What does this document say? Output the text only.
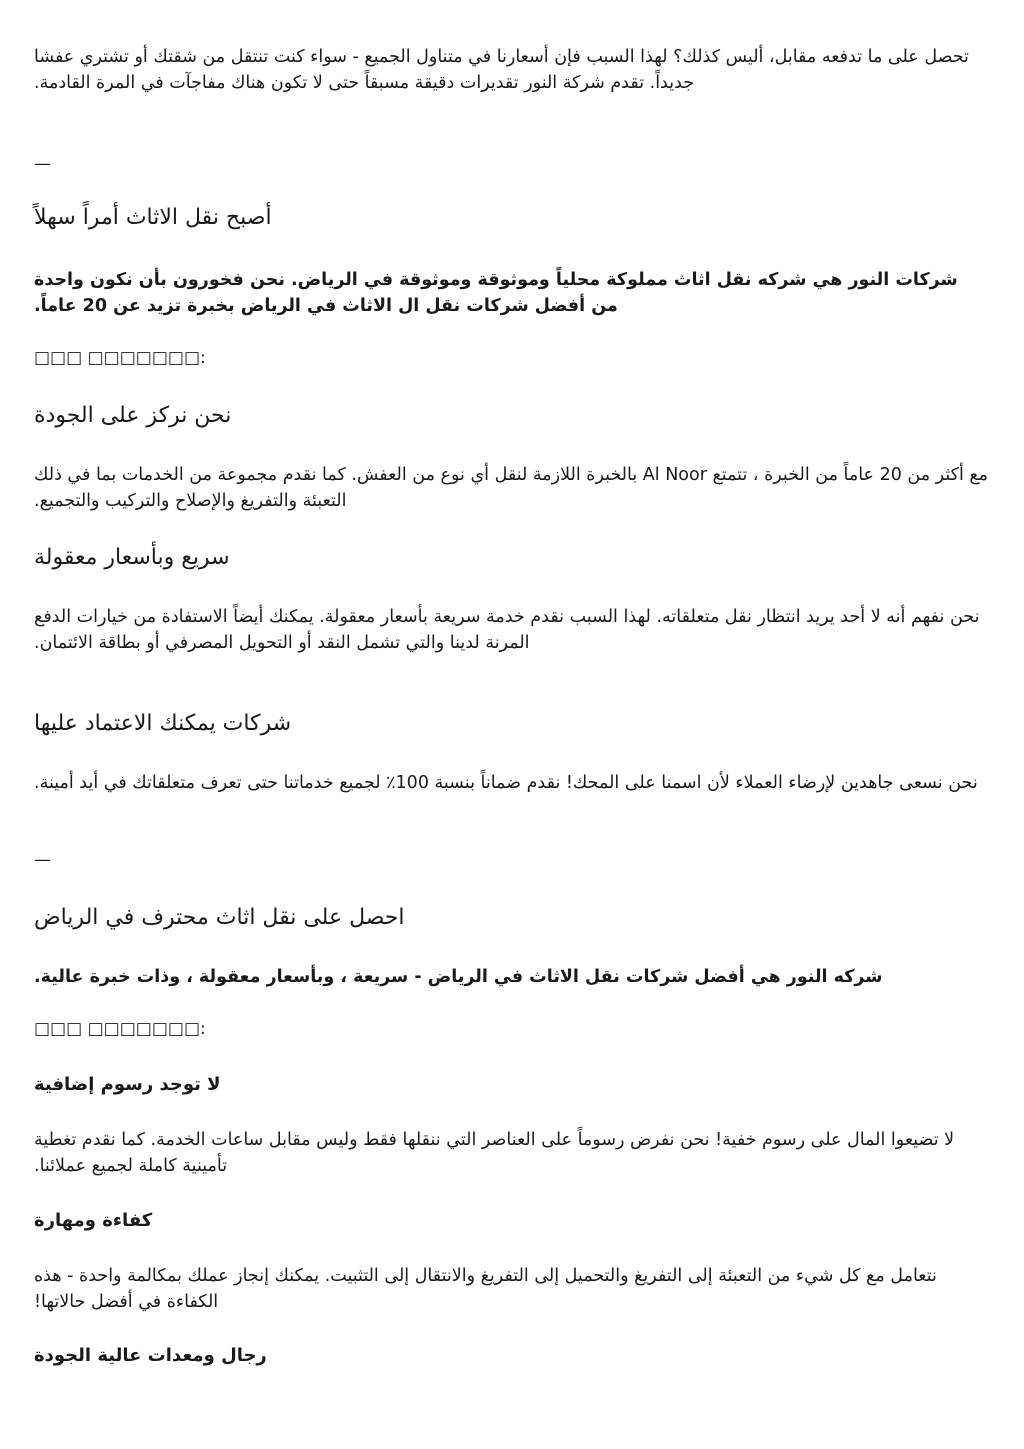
تحصل على ما تدفعه مقابل، أليس كذلك؟ لهذا السبب فإن أسعارنا في متناول الجميع - سواء كنت تنتقل من شقتك أو تشتري عفشا جديداً. تقدم شركة النور تقديرات دقيقة مسبقاً حتى لا تكون هناك مفاجآت في المرة القادمة.

—

أصبح نقل الاثاث أمراً سهلاً

شركات النور هي شركه نقل اثاث مملوكة محلياً وموثوقة وموثوقة في الرياض. نحن فخورون بأن نكون واحدة من أفضل شركات نقل ال الاثاث في الرياض بخبرة تزيد عن 20 عاماً.

□□□ □□□□□□□:

نحن نركز على الجودة

مع أكثر من 20 عاماً من الخبرة ، تتمتع Al Noor بالخبرة اللازمة لنقل أي نوع من العفش. كما نقدم مجموعة من الخدمات بما في ذلك التعبئة والتفريغ والإصلاح والتركيب والتجميع.

سريع وبأسعار معقولة

نحن نفهم أنه لا أحد يريد انتظار نقل متعلقاته. لهذا السبب نقدم خدمة سريعة بأسعار معقولة. يمكنك أيضاً الاستفادة من خيارات الدفع المرنة لدينا والتي تشمل النقد أو التحويل المصرفي أو بطاقة الائتمان.

شركات يمكنك الاعتماد عليها

نحن نسعى جاهدين لإرضاء العملاء لأن اسمنا على المحك! نقدم ضماناً بنسبة 100٪ لجميع خدماتنا حتى تعرف متعلقاتك في أيد أمينة.

—

احصل على نقل اثاث محترف في الرياض

شركه النور هي أفضل شركات نقل الاثاث في الرياض - سريعة ، وبأسعار معقولة ، وذات خبرة عالية.

□□□ □□□□□□□:

لا توجد رسوم إضافية

لا تضيعوا المال على رسوم خفية! نحن نفرض رسوماً على العناصر التي ننقلها فقط وليس مقابل ساعات الخدمة. كما نقدم تغطية تأمينية كاملة لجميع عملائنا.

كفاءة ومهارة

نتعامل مع كل شيء من التعبئة إلى التفريغ والتحميل إلى التفريغ والانتقال إلى التثبيت. يمكنك إنجاز عملك بمكالمة واحدة - هذه الكفاءة في أفضل حالاتها!

رجال ومعدات عالية الجودة
